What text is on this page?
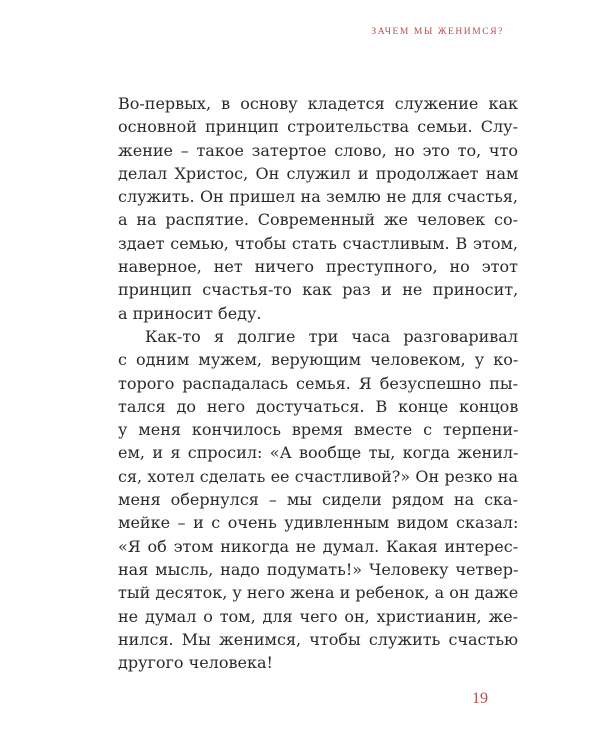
ЗАЧЕМ МЫ ЖЕНИМСЯ?
Во-первых, в основу кладется служение как
основной принцип строительства семьи. Слу-
жение – такое затертое слово, но это то, что
делал Христос, Он служил и продолжает нам
служить. Он пришел на землю не для счастья,
а на распятие. Современный же человек со-
здает семью, чтобы стать счастливым. В этом,
наверное, нет ничего преступного, но этот
принцип счастья-то как раз и не приносит,
а приносит беду.
Как-то я долгие три часа разговаривал
с одним мужем, верующим человеком, у ко-
торого распадалась семья. Я безуспешно пы-
тался до него достучаться. В конце концов
у меня кончилось время вместе с терпени-
ем, и я спросил: «А вообще ты, когда женил-
ся, хотел сделать ее счастливой?» Он резко на
меня обернулся – мы сидели рядом на ска-
мейке – и с очень удивленным видом сказал:
«Я об этом никогда не думал. Какая интерес-
ная мысль, надо подумать!» Человеку четвер-
тый десяток, у него жена и ребенок, а он даже
не думал о том, для чего он, христианин, же-
нился. Мы женимся, чтобы служить счастью
другого человека!
19
